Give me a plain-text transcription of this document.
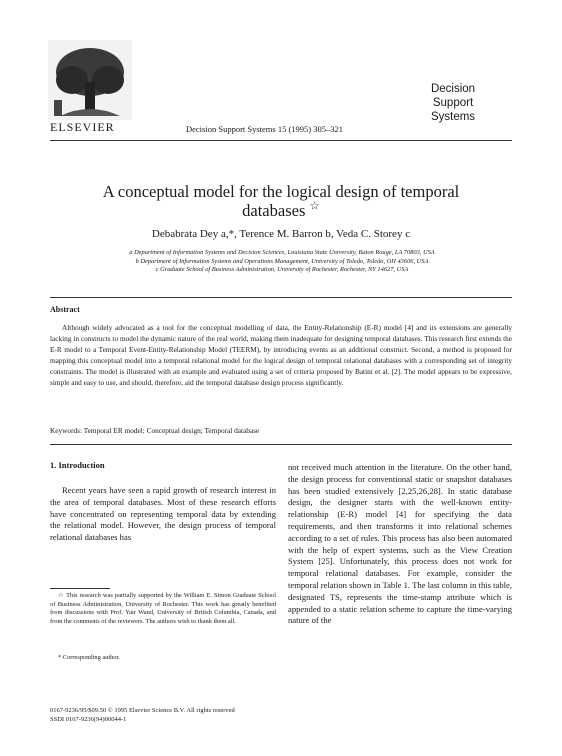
ELSEVIER	Decision Support Systems 15 (1995) 305–321
Decision Support
Systems
A conceptual model for the logical design of temporal
databases ☆
Debabrata Dey a,*, Terence M. Barron b, Veda C. Storey c
a Department of Information Systems and Decision Sciences, Louisiana State University, Baton Rouge, LA 70803, USA
b Department of Information Systems and Operations Management, University of Toledo, Toledo, OH 43606, USA
c Graduate School of Business Administration, University of Rochester, Rochester, NY 14627, USA
Abstract
Although widely advocated as a tool for the conceptual modelling of data, the Entity-Relationship (E-R) model [4] and its extensions are generally lacking in constructs to model the dynamic nature of the real world, making them inadequate for designing temporal databases. This research first extends the E-R model to a Temporal Event-Entity-Relationship Model (TEERM), by introducing events as an additional construct. Second, a method is proposed for mapping this conceptual model into a temporal relational model for the logical design of temporal relational databases with a corresponding set of integrity constraints. The model is illustrated with an example and evaluated using a set of criteria proposed by Batini et al. [2]. The model appears to be expressive, simple and easy to use, and should, therefore, aid the temporal database design process significantly.
Keywords: Temporal ER model; Conceptual design; Temporal database
1. Introduction
Recent years have seen a rapid growth of research interest in the area of temporal databases. Most of these research efforts have concentrated on representing temporal data by extending the relational model. However, the design process of temporal relational databases has
not received much attention in the literature. On the other hand, the design process for conventional static or snapshot databases has been studied extensively [2,25,26,28]. In static database design, the designer starts with the well-known entity-relationship (E-R) model [4] for specifying the data requirements, and then transforms it into relational schemes according to a set of rules. This process has also been automated with the help of expert systems, such as the View Creation System [25]. Unfortunately, this process does not work for temporal relational databases. For example, consider the temporal relation shown in Table 1. The last column in this table, designated TS, represents the time-stamp attribute which is appended to a static relation scheme to capture the time-varying nature of the
☆ This research was partially supported by the William E. Simon Graduate School of Business Administration, University of Rochester. This work has greatly benefited from discussions with Prof. Yair Wand, University of British Columbia, Canada, and from the comments of the reviewers. The authors wish to thank them all.
* Corresponding author.
0167-9236/95/$09.50 © 1995 Elsevier Science B.V. All rights reserved
SSDI 0167-9236(94)00044-1
